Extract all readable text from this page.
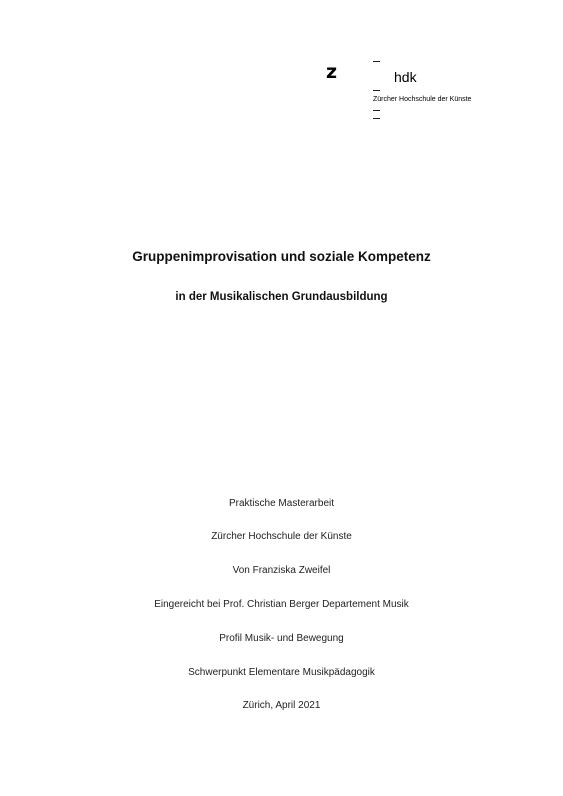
z	hdk
Zürcher Hochschule der Künste
Gruppenimprovisation und soziale Kompetenz
in der Musikalischen Grundausbildung
Praktische Masterarbeit
Zürcher Hochschule der Künste
Von Franziska Zweifel
Eingereicht bei Prof. Christian Berger Departement Musik
Profil Musik- und Bewegung
Schwerpunkt Elementare Musikpädagogik
Zürich, April 2021
